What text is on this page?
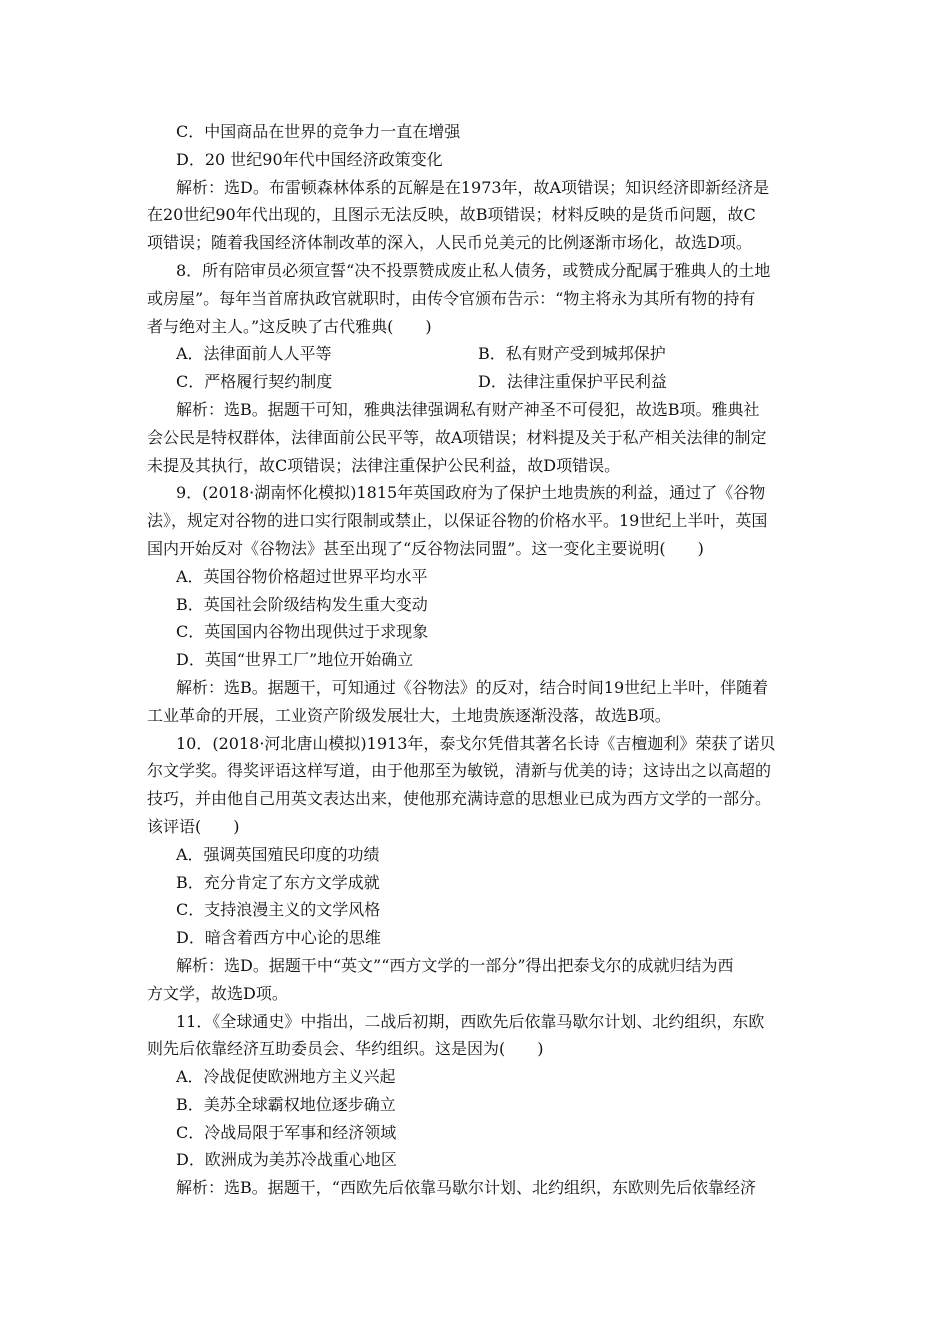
C．中国商品在世界的竞争力一直在增强
D．20 世纪90年代中国经济政策变化
解析：选D。布雷顿森林体系的瓦解是在1973年，故A项错误；知识经济即新经济是
在20世纪90年代出现的，且图示无法反映，故B项错误；材料反映的是货币问题，故C
项错误；随着我国经济体制改革的深入，人民币兑美元的比例逐渐市场化，故选D项。
8．所有陪审员必须宣誓“决不投票赞成废止私人债务，或赞成分配属于雅典人的土地
或房屋”。每年当首席执政官就职时，由传令官颁布告示：“物主将永为其所有物的持有
者与绝对主人。”这反映了古代雅典(　　)
A．法律面前人人平等	B．私有财产受到城邦保护
C．严格履行契约制度	D．法律注重保护平民利益
解析：选B。据题干可知，雅典法律强调私有财产神圣不可侵犯，故选B项。雅典社
会公民是特权群体，法律面前公民平等，故A项错误；材料提及关于私产相关法律的制定
未提及其执行，故C项错误；法律注重保护公民利益，故D项错误。
9．(2018·湖南怀化模拟)1815年英国政府为了保护土地贵族的利益，通过了《谷物
法》，规定对谷物的进口实行限制或禁止，以保证谷物的价格水平。19世纪上半叶，英国
国内开始反对《谷物法》甚至出现了“反谷物法同盟”。这一变化主要说明(　　)
A．英国谷物价格超过世界平均水平
B．英国社会阶级结构发生重大变动
C．英国国内谷物出现供过于求现象
D．英国“世界工厂”地位开始确立
解析：选B。据题干，可知通过《谷物法》的反对，结合时间19世纪上半叶，伴随着
工业革命的开展，工业资产阶级发展壮大，土地贵族逐渐没落，故选B项。
10．(2018·河北唐山模拟)1913年，泰戈尔凭借其著名长诗《吉檀迦利》荣获了诺贝
尔文学奖。得奖评语这样写道，由于他那至为敏锐，清新与优美的诗；这诗出之以高超的
技巧，并由他自己用英文表达出来，使他那充满诗意的思想业已成为西方文学的一部分。
该评语(　　)
A．强调英国殖民印度的功绩
B．充分肯定了东方文学成就
C．支持浪漫主义的文学风格
D．暗含着西方中心论的思维
解析：选D。据题干中“英文”“西方文学的一部分”得出把泰戈尔的成就归结为西
方文学，故选D项。
11．《全球通史》中指出，二战后初期，西欧先后依靠马歇尔计划、北约组织，东欧
则先后依靠经济互助委员会、华约组织。这是因为(　　)
A．冷战促使欧洲地方主义兴起
B．美苏全球霸权地位逐步确立
C．冷战局限于军事和经济领域
D．欧洲成为美苏冷战重心地区
解析：选B。据题干，“西欧先后依靠马歇尔计划、北约组织，东欧则先后依靠经济
